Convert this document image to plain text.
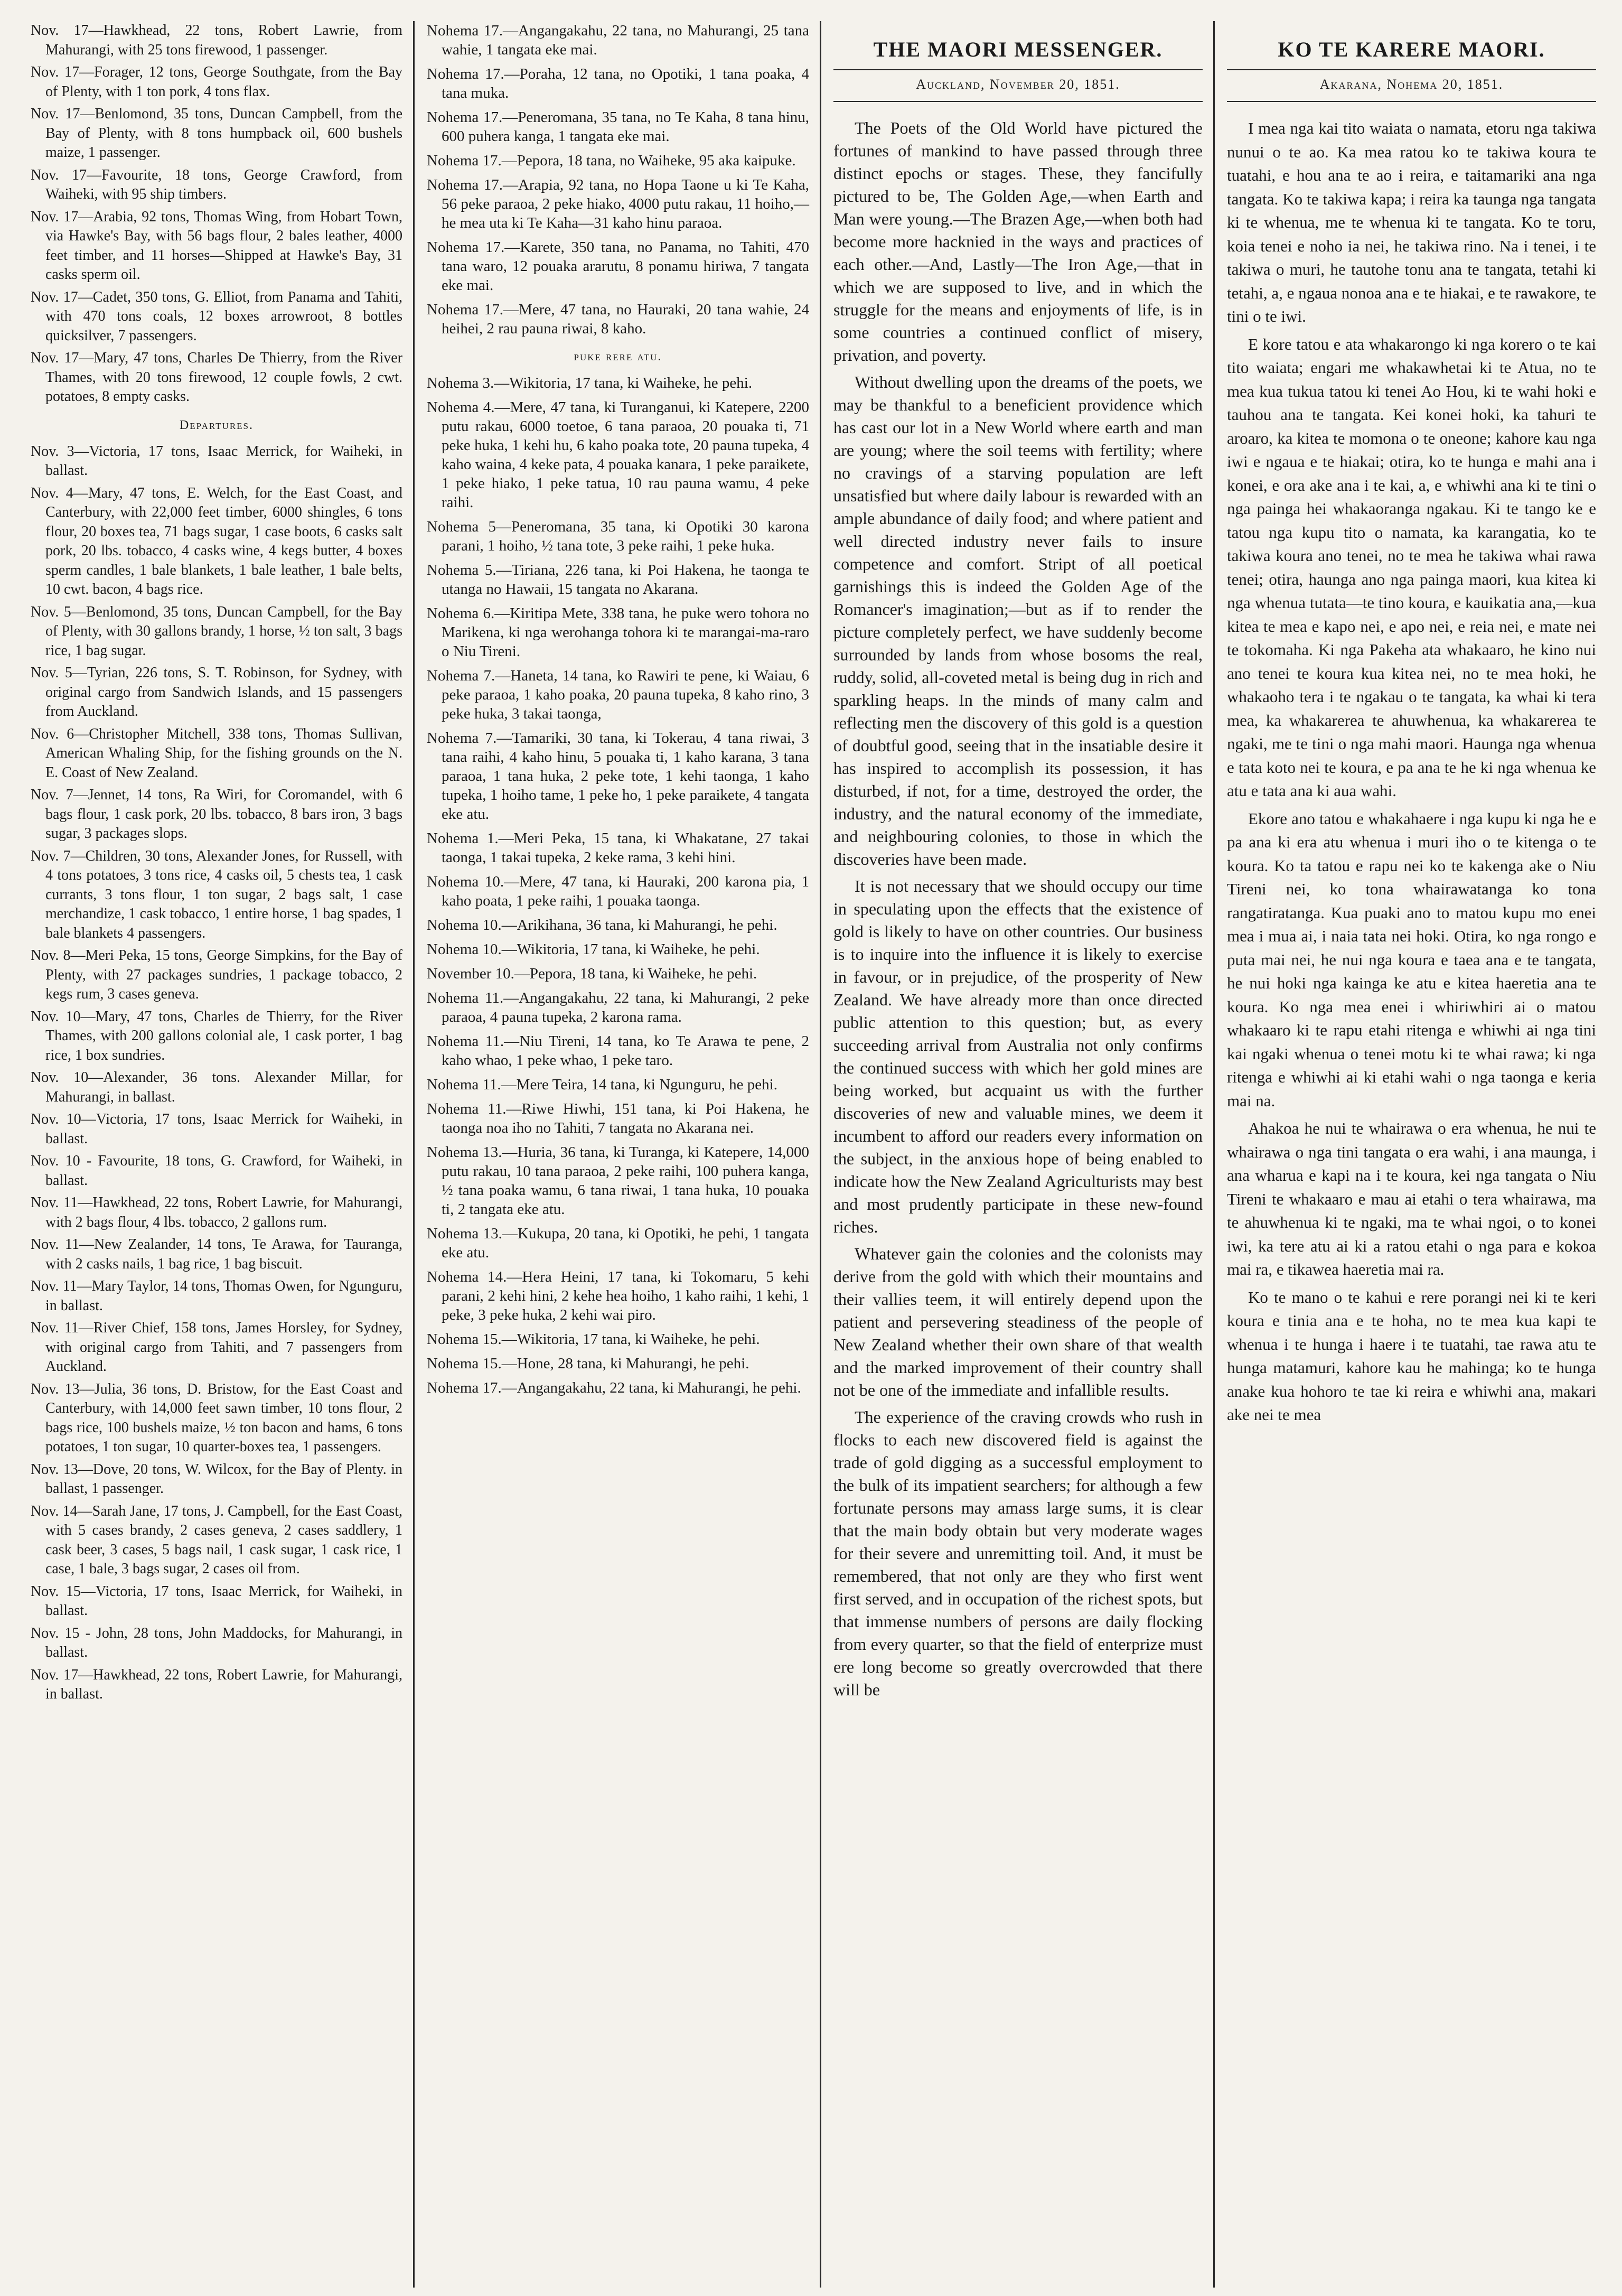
Nov. 17—Hawkhead, 22 tons, Robert Lawrie, from Mahurangi, with 25 tons firewood, 1 passenger.

Nov. 17—Forager, 12 tons, George Southgate, from the Bay of Plenty, with 1 ton pork, 4 tons flax.

Nov. 17—Benlomond, 35 tons, Duncan Campbell, from the Bay of Plenty, with 8 tons humpback oil, 600 bushels maize, 1 passenger.

Nov. 17—Favourite, 18 tons, George Crawford, from Waiheki, with 95 ship timbers.

Nov. 17—Arabia, 92 tons, Thomas Wing, from Hobart Town, via Hawke's Bay, with 56 bags flour, 2 bales leather, 4000 feet timber, and 11 horses—Shipped at Hawke's Bay, 31 casks sperm oil.

Nov. 17—Cadet, 350 tons, G. Elliot, from Panama and Tahiti, with 470 tons coals, 12 boxes arrowroot, 8 bottles quicksilver, 7 passengers.

Nov. 17—Mary, 47 tons, Charles De Thierry, from the River Thames, with 20 tons firewood, 12 couple fowls, 2 cwt. potatoes, 8 empty casks.

Departures.

Nov. 3—Victoria, 17 tons, Isaac Merrick, for Waiheki, in ballast.

Nov. 4—Mary, 47 tons, E. Welch, for the East Coast, and Canterbury, with 22,000 feet timber, 6000 shingles, 6 tons flour, 20 boxes tea, 71 bags sugar, 1 case boots, 6 casks salt pork, 20 lbs. tobacco, 4 casks wine, 4 kegs butter, 4 boxes sperm candles, 1 bale blankets, 1 bale leather, 1 bale belts, 10 cwt. bacon, 4 bags rice.

Nov. 5—Benlomond, 35 tons, Duncan Campbell, for the Bay of Plenty, with 30 gallons brandy, 1 horse, ½ ton salt, 3 bags rice, 1 bag sugar.

Nov. 5—Tyrian, 226 tons, S. T. Robinson, for Sydney, with original cargo from Sandwich Islands, and 15 passengers from Auckland.

Nov. 6—Christopher Mitchell, 338 tons, Thomas Sullivan, American Whaling Ship, for the fishing grounds on the N. E. Coast of New Zealand.

Nov. 7—Jennet, 14 tons, Ra Wiri, for Coromandel, with 6 bags flour, 1 cask pork, 20 lbs. tobacco, 8 bars iron, 3 bags sugar, 3 packages slops.

Nov. 7—Children, 30 tons, Alexander Jones, for Russell, with 4 tons potatoes, 3 tons rice, 4 casks oil, 5 chests tea, 1 cask currants, 3 tons flour, 1 ton sugar, 2 bags salt, 1 case merchandize, 1 cask tobacco, 1 entire horse, 1 bag spades, 1 bale blankets 4 passengers.

Nov. 8—Meri Peka, 15 tons, George Simpkins, for the Bay of Plenty, with 27 packages sundries, 1 package tobacco, 2 kegs rum, 3 cases geneva.

Nov. 10—Mary, 47 tons, Charles de Thierry, for the River Thames, with 200 gallons colonial ale, 1 cask porter, 1 bag rice, 1 box sundries.

Nov. 10—Alexander, 36 tons. Alexander Millar, for Mahurangi, in ballast.

Nov. 10—Victoria, 17 tons, Isaac Merrick for Waiheki, in ballast.

Nov. 10 - Favourite, 18 tons, G. Crawford, for Waiheki, in ballast.

Nov. 11—Hawkhead, 22 tons, Robert Lawrie, for Mahurangi, with 2 bags flour, 4 lbs. tobacco, 2 gallons rum.

Nov. 11—New Zealander, 14 tons, Te Arawa, for Tauranga, with 2 casks nails, 1 bag rice, 1 bag biscuit.

Nov. 11—Mary Taylor, 14 tons, Thomas Owen, for Ngunguru, in ballast.

Nov. 11—River Chief, 158 tons, James Horsley, for Sydney, with original cargo from Tahiti, and 7 passengers from Auckland.

Nov. 13—Julia, 36 tons, D. Bristow, for the East Coast and Canterbury, with 14,000 feet sawn timber, 10 tons flour, 2 bags rice, 100 bushels maize, ½ ton bacon and hams, 6 tons potatoes, 1 ton sugar, 10 quarter-boxes tea, 1 passengers.

Nov. 13—Dove, 20 tons, W. Wilcox, for the Bay of Plenty. in ballast, 1 passenger.

Nov. 14—Sarah Jane, 17 tons, J. Campbell, for the East Coast, with 5 cases brandy, 2 cases geneva, 2 cases saddlery, 1 cask beer, 3 cases, 5 bags nail, 1 cask sugar, 1 cask rice, 1 case, 1 bale, 3 bags sugar, 2 cases oil from.

Nov. 15—Victoria, 17 tons, Isaac Merrick, for Waiheki, in ballast.

Nov. 15 - John, 28 tons, John Maddocks, for Mahurangi, in ballast.

Nov. 17—Hawkhead, 22 tons, Robert Lawrie, for Mahurangi, in ballast.

Nohema 17.—Angangakahu, 22 tana, no Mahurangi, 25 tana wahie, 1 tangata eke mai.

Nohema 17.—Poraha, 12 tana, no Opotiki, 1 tana poaka, 4 tana muka.

Nohema 17.—Peneromana, 35 tana, no Te Kaha, 8 tana hinu, 600 puhera kanga, 1 tangata eke mai.

Nohema 17.—Pepora, 18 tana, no Waiheke, 95 aka kaipuke.

Nohema 17.—Arapia, 92 tana, no Hopa Taone u ki Te Kaha, 56 peke paraoa, 2 peke hiako, 4000 putu rakau, 11 hoiho,—he mea uta ki Te Kaha—31 kaho hinu paraoa.

Nohema 17.—Karete, 350 tana, no Panama, no Tahiti, 470 tana waro, 12 pouaka ararutu, 8 ponamu hiriwa, 7 tangata eke mai.

Nohema 17.—Mere, 47 tana, no Hauraki, 20 tana wahie, 24 heihei, 2 rau pauna riwai, 8 kaho.

puke rere atu.

Nohema 3.—Wikitoria, 17 tana, ki Waiheke, he pehi.

Nohema 4.—Mere, 47 tana, ki Turanganui, ki Katepere, 2200 putu rakau, 6000 toetoe, 6 tana paraoa, 20 pouaka ti, 71 peke huka, 1 kehi hu, 6 kaho poaka tote, 20 pauna tupeka, 4 kaho waina, 4 keke pata, 4 pouaka kanara, 1 peke paraikete, 1 peke hiako, 1 peke tatua, 10 rau pauna wamu, 4 peke raihi.

Nohema 5—Peneromana, 35 tana, ki Opotiki 30 karona parani, 1 hoiho, ½ tana tote, 3 peke raihi, 1 peke huka.

Nohema 5.—Tiriana, 226 tana, ki Poi Hakena, he taonga te utanga no Hawaii, 15 tangata no Akarana.

Nohema 6.—Kiritipa Mete, 338 tana, he puke wero tohora no Marikena, ki nga werohanga tohora ki te marangai-ma-raro o Niu Tireni.

Nohema 7.—Haneta, 14 tana, ko Rawiri te pene, ki Waiau, 6 peke paraoa, 1 kaho poaka, 20 pauna tupeka, 8 kaho rino, 3 peke huka, 3 takai taonga,

Nohema 7.—Tamariki, 30 tana, ki Tokerau, 4 tana riwai, 3 tana raihi, 4 kaho hinu, 5 pouaka ti, 1 kaho karana, 3 tana paraoa, 1 tana huka, 2 peke tote, 1 kehi taonga, 1 kaho tupeka, 1 hoiho tame, 1 peke ho, 1 peke paraikete, 4 tangata eke atu.

Nohema 1.—Meri Peka, 15 tana, ki Whakatane, 27 takai taonga, 1 takai tupeka, 2 keke rama, 3 kehi hini.

Nohema 10.—Mere, 47 tana, ki Hauraki, 200 karona pia, 1 kaho poata, 1 peke raihi, 1 pouaka taonga.

Nohema 10.—Arikihana, 36 tana, ki Mahurangi, he pehi.

Nohema 10.—Wikitoria, 17 tana, ki Waiheke, he pehi.

November 10.—Pepora, 18 tana, ki Waiheke, he pehi.

Nohema 11.—Angangakahu, 22 tana, ki Mahurangi, 2 peke paraoa, 4 pauna tupeka, 2 karona rama.

Nohema 11.—Niu Tireni, 14 tana, ko Te Arawa te pene, 2 kaho whao, 1 peke whao, 1 peke taro.

Nohema 11.—Mere Teira, 14 tana, ki Ngunguru, he pehi.

Nohema 11.—Riwe Hiwhi, 151 tana, ki Poi Hakena, he taonga noa iho no Tahiti, 7 tangata no Akarana nei.

Nohema 13.—Huria, 36 tana, ki Turanga, ki Katepere, 14,000 putu rakau, 10 tana paraoa, 2 peke raihi, 100 puhera kanga, ½ tana poaka wamu, 6 tana riwai, 1 tana huka, 10 pouaka ti, 2 tangata eke atu.

Nohema 13.—Kukupa, 20 tana, ki Opotiki, he pehi, 1 tangata eke atu.

Nohema 14.—Hera Heini, 17 tana, ki Tokomaru, 5 kehi parani, 2 kehi hini, 2 kehe hea hoiho, 1 kaho raihi, 1 kehi, 1 peke, 3 peke huka, 2 kehi wai piro.

Nohema 15.—Wikitoria, 17 tana, ki Waiheke, he pehi.

Nohema 15.—Hone, 28 tana, ki Mahurangi, he pehi.

Nohema 17.—Angangakahu, 22 tana, ki Mahurangi, he pehi.

THE MAORI MESSENGER.
Auckland, November 20, 1851.

The Poets of the Old World have pictured the fortunes of mankind to have passed through three distinct epochs or stages. These, they fancifully pictured to be, The Golden Age,—when Earth and Man were young.—The Brazen Age,—when both had become more hacknied in the ways and practices of each other.—And, Lastly—The Iron Age,—that in which we are supposed to live, and in which the struggle for the means and enjoyments of life, is in some countries a continued conflict of misery, privation, and poverty.

Without dwelling upon the dreams of the poets, we may be thankful to a beneficient providence which has cast our lot in a New World where earth and man are young; where the soil teems with fertility; where no cravings of a starving population are left unsatisfied but where daily labour is rewarded with an ample abundance of daily food; and where patient and well directed industry never fails to insure competence and comfort. Stript of all poetical garnishings this is indeed the Golden Age of the Romancer's imagination;—but as if to render the picture completely perfect, we have suddenly become surrounded by lands from whose bosoms the real, ruddy, solid, all-coveted metal is being dug in rich and sparkling heaps. In the minds of many calm and reflecting men the discovery of this gold is a question of doubtful good, seeing that in the insatiable desire it has inspired to accomplish its possession, it has disturbed, if not, for a time, destroyed the order, the industry, and the natural economy of the immediate, and neighbouring colonies, to those in which the discoveries have been made.

It is not necessary that we should occupy our time in speculating upon the effects that the existence of gold is likely to have on other countries. Our business is to inquire into the influence it is likely to exercise in favour, or in prejudice, of the prosperity of New Zealand. We have already more than once directed public attention to this question; but, as every succeeding arrival from Australia not only confirms the continued success with which her gold mines are being worked, but acquaint us with the further discoveries of new and valuable mines, we deem it incumbent to afford our readers every information on the subject, in the anxious hope of being enabled to indicate how the New Zealand Agriculturists may best and most prudently participate in these new-found riches.

Whatever gain the colonies and the colonists may derive from the gold with which their mountains and their vallies teem, it will entirely depend upon the patient and persevering steadiness of the people of New Zealand whether their own share of that wealth and the marked improvement of their country shall not be one of the immediate and infallible results.

The experience of the craving crowds who rush in flocks to each new discovered field is against the trade of gold digging as a successful employment to the bulk of its impatient searchers; for although a few fortunate persons may amass large sums, it is clear that the main body obtain but very moderate wages for their severe and unremitting toil. And, it must be remembered, that not only are they who first went first served, and in occupation of the richest spots, but that immense numbers of persons are daily flocking from every quarter, so that the field of enterprize must ere long become so greatly overcrowded that there will be

KO TE KARERE MAORI.
Akarana, Nohema 20, 1851.

I mea nga kai tito waiata o namata, etoru nga takiwa nunui o te ao. Ka mea ratou ko te takiwa koura te tuatahi, e hou ana te ao i reira, e taitamariki ana nga tangata. Ko te takiwa kapa; i reira ka taunga nga tangata ki te whenua, me te whenua ki te tangata. Ko te toru, koia tenei e noho ia nei, he takiwa rino. Na i tenei, i te takiwa o muri, he tautohe tonu ana te tangata, tetahi ki tetahi, a, e ngaua nonoa ana e te hiakai, e te rawakore, te tini o te iwi.

E kore tatou e ata whakarongo ki nga korero o te kai tito waiata; engari me whakawhetai ki te Atua, no te mea kua tukua tatou ki tenei Ao Hou, ki te wahi hoki e tauhou ana te tangata. Kei konei hoki, ka tahuri te aroaro, ka kitea te momona o te oneone; kahore kau nga iwi e ngaua e te hiakai; otira, ko te hunga e mahi ana i konei, e ora ake ana i te kai, a, e whiwhi ana ki te tini o nga painga hei whakaoranga ngakau. Ki te tango ke e tatou nga kupu tito o namata, ka karangatia, ko te takiwa koura ano tenei, no te mea he takiwa whai rawa tenei; otira, haunga ano nga painga maori, kua kitea ki nga whenua tutata—te tino koura, e kauikatia ana,—kua kitea te mea e kapo nei, e apo nei, e reia nei, e mate nei te tokomaha. Ki nga Pakeha ata whakaaro, he kino nui ano tenei te koura kua kitea nei, no te mea hoki, he whakaoho tera i te ngakau o te tangata, ka whai ki tera mea, ka whakarerea te ahuwhenua, ka whakarerea te ngaki, me te tini o nga mahi maori. Haunga nga whenua e tata koto nei te koura, e pa ana te he ki nga whenua ke atu e tata ana ki aua wahi.

Ekore ano tatou e whakahaere i nga kupu ki nga he e pa ana ki era atu whenua i muri iho o te kitenga o te koura. Ko ta tatou e rapu nei ko te kakenga ake o Niu Tireni nei, ko tona whairawatanga ko tona rangatiratanga. Kua puaki ano to matou kupu mo enei mea i mua ai, i naia tata nei hoki. Otira, ko nga rongo e puta mai nei, he nui nga koura e taea ana e te tangata, he nui hoki nga kainga ke atu e kitea haeretia ana te koura. Ko nga mea enei i whiriwhiri ai o matou whakaaro ki te rapu etahi ritenga e whiwhi ai nga tini kai ngaki whenua o tenei motu ki te whai rawa; ki nga ritenga e whiwhi ai ki etahi wahi o nga taonga e keria mai na.

Ahakoa he nui te whairawa o era whenua, he nui te whairawa o nga tini tangata o era wahi, i ana maunga, i ana wharua e kapi na i te koura, kei nga tangata o Niu Tireni te whakaaro e mau ai etahi o tera whairawa, ma te ahuwhenua ki te ngaki, ma te whai ngoi, o to konei iwi, ka tere atu ai ki a ratou etahi o nga para e kokoa mai ra, e tikawea haeretia mai ra.

Ko te mano o te kahui e rere porangi nei ki te keri koura e tinia ana e te hoha, no te mea kua kapi te whenua i te hunga i haere i te tuatahi, tae rawa atu te hunga matamuri, kahore kau he mahinga; ko te hunga anake kua hohoro te tae ki reira e whiwhi ana, makari ake nei te mea
